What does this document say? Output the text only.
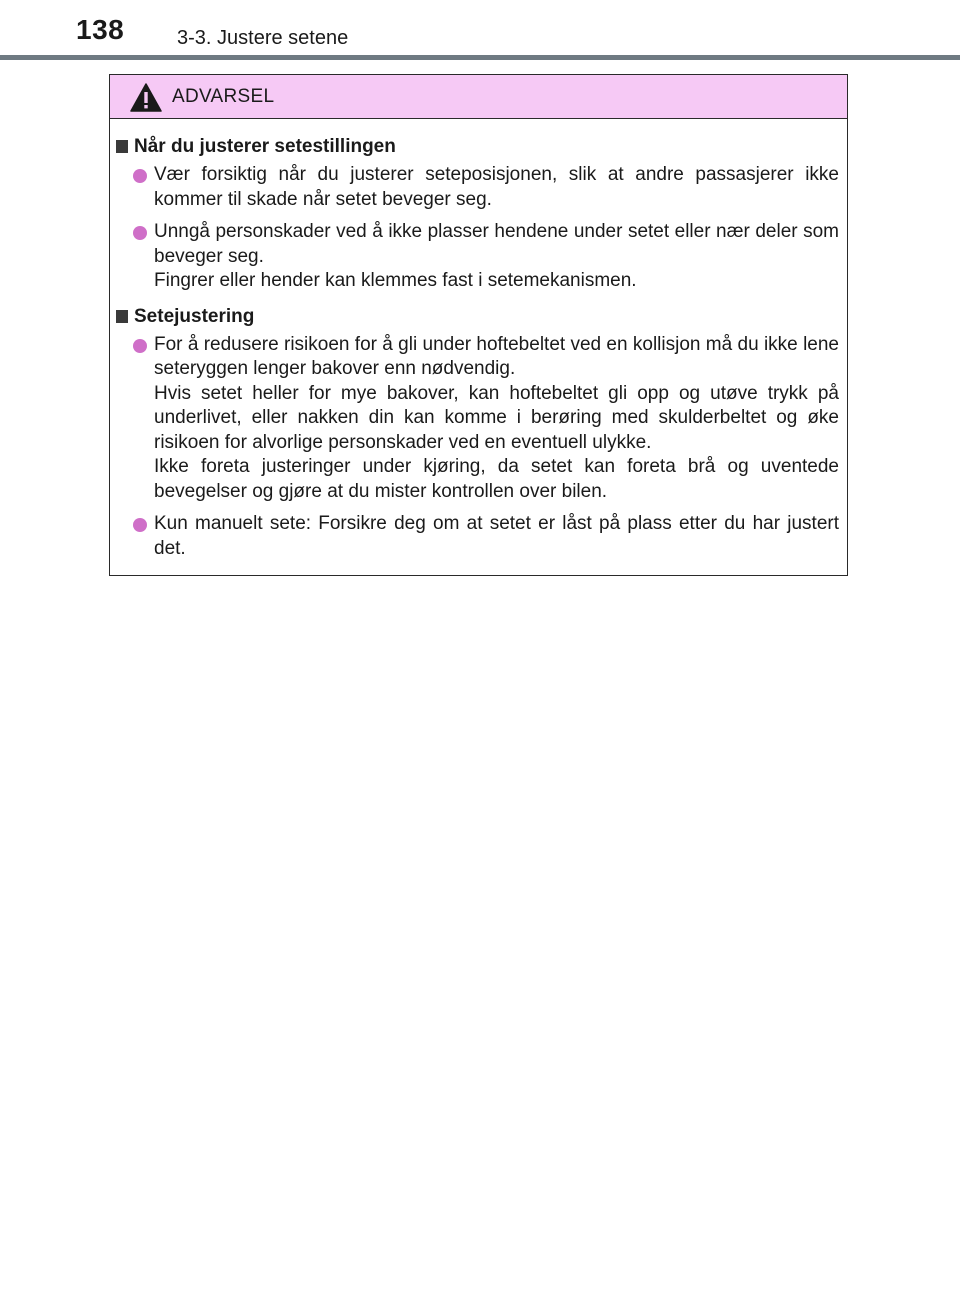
138	3-3. Justere setene
ADVARSEL
Når du justerer setestillingen
Vær forsiktig når du justerer seteposisjonen, slik at andre passasjerer ikke kommer til skade når setet beveger seg.
Unngå personskader ved å ikke plasser hendene under setet eller nær deler som beveger seg.
Fingrer eller hender kan klemmes fast i setemekanismen.
Setejustering
For å redusere risikoen for å gli under hoftebeltet ved en kollisjon må du ikke lene seteryggen lenger bakover enn nødvendig.
Hvis setet heller for mye bakover, kan hoftebeltet gli opp og utøve trykk på underlivet, eller nakken din kan komme i berøring med skulderbeltet og øke risikoen for alvorlige personskader ved en eventuell ulykke.
Ikke foreta justeringer under kjøring, da setet kan foreta brå og uventede bevegelser og gjøre at du mister kontrollen over bilen.
Kun manuelt sete: Forsikre deg om at setet er låst på plass etter du har justert det.
